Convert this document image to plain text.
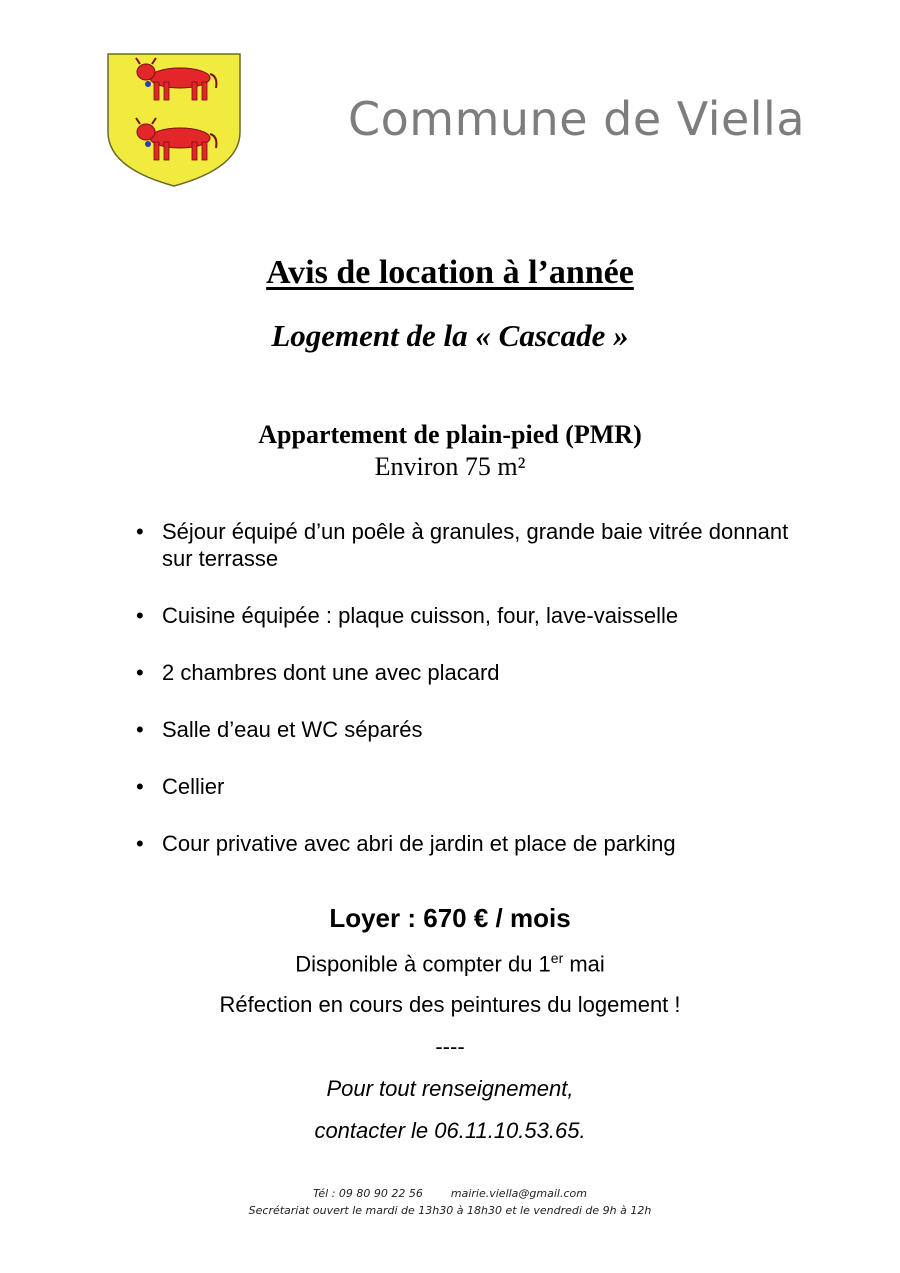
Commune de Viella
Avis de location à l’année
Logement de la « Cascade »
Appartement de plain-pied (PMR)
Environ 75 m²
• Séjour équipé d’un poêle à granules, grande baie vitrée donnant sur terrasse
• Cuisine équipée : plaque cuisson, four, lave-vaisselle
• 2 chambres dont une avec placard
• Salle d’eau et WC séparés
• Cellier
• Cour privative avec abri de jardin et place de parking
Loyer : 670 € / mois
Disponible à compter du 1er mai
Réfection en cours des peintures du logement !
----
Pour tout renseignement,
contacter le 06.11.10.53.65.
Tél : 09 80 90 22 56	mairie.viella@gmail.com
Secrétariat ouvert le mardi de 13h30 à 18h30 et le vendredi de 9h à 12h
